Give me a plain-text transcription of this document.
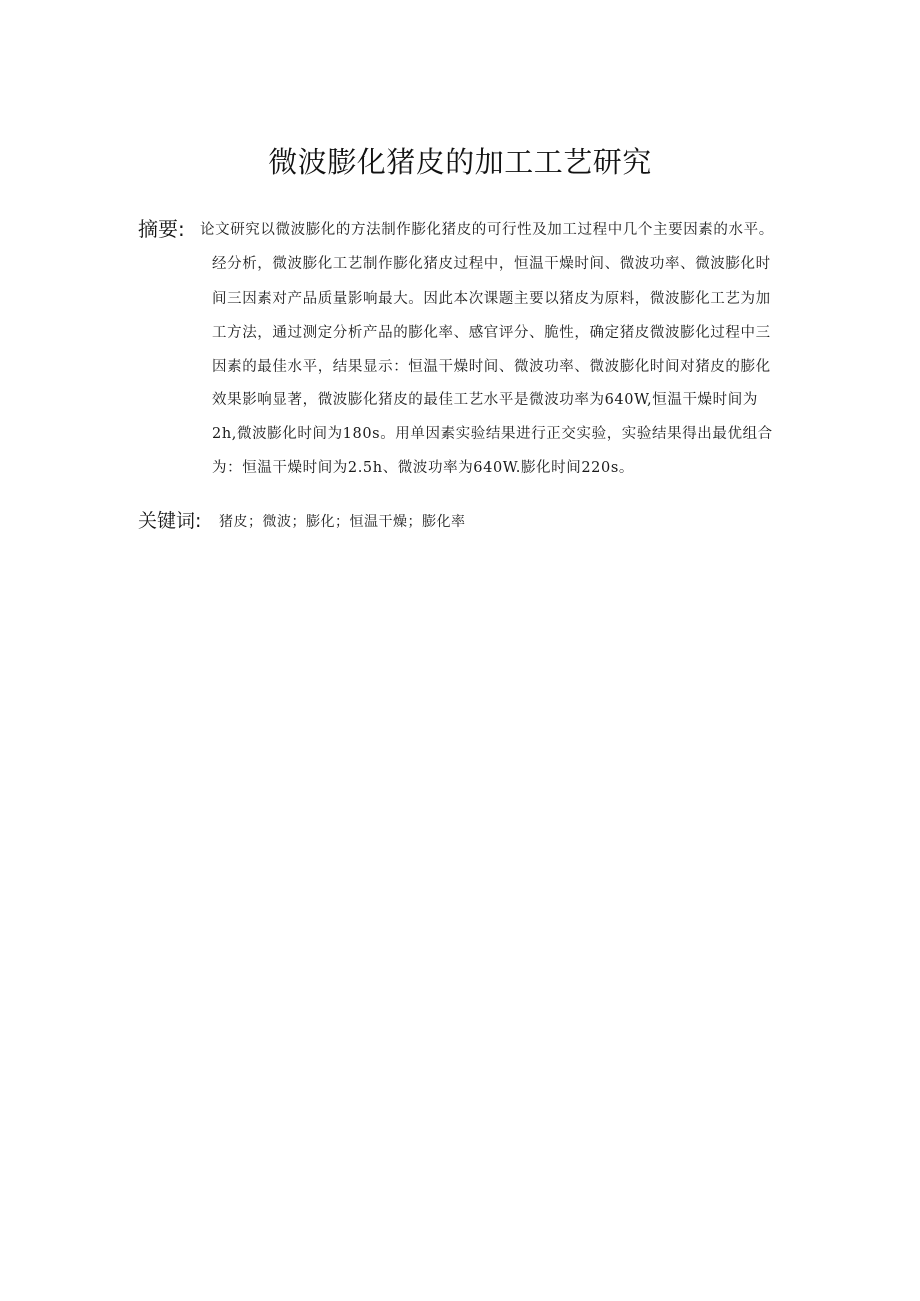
微波膨化猪皮的加工工艺研究
摘要: 论文研究以微波膨化的方法制作膨化猪皮的可行性及加工过程中几个主要因素的水平。
经分析，微波膨化工艺制作膨化猪皮过程中，恒温干燥时间、微波功率、微波膨化时
间三因素对产品质量影响最大。因此本次课题主要以猪皮为原料，微波膨化工艺为加
工方法，通过测定分析产品的膨化率、感官评分、脆性，确定猪皮微波膨化过程中三
因素的最佳水平，结果显示：恒温干燥时间、微波功率、微波膨化时间对猪皮的膨化
效果影响显著，微波膨化猪皮的最佳工艺水平是微波功率为640W,恒温干燥时间为
2h,微波膨化时间为180s。用单因素实验结果进行正交实验，实验结果得出最优组合
为：恒温干燥时间为2.5h、微波功率为640W.膨化时间220s。
关键词: 猪皮；微波；膨化；恒温干燥；膨化率
